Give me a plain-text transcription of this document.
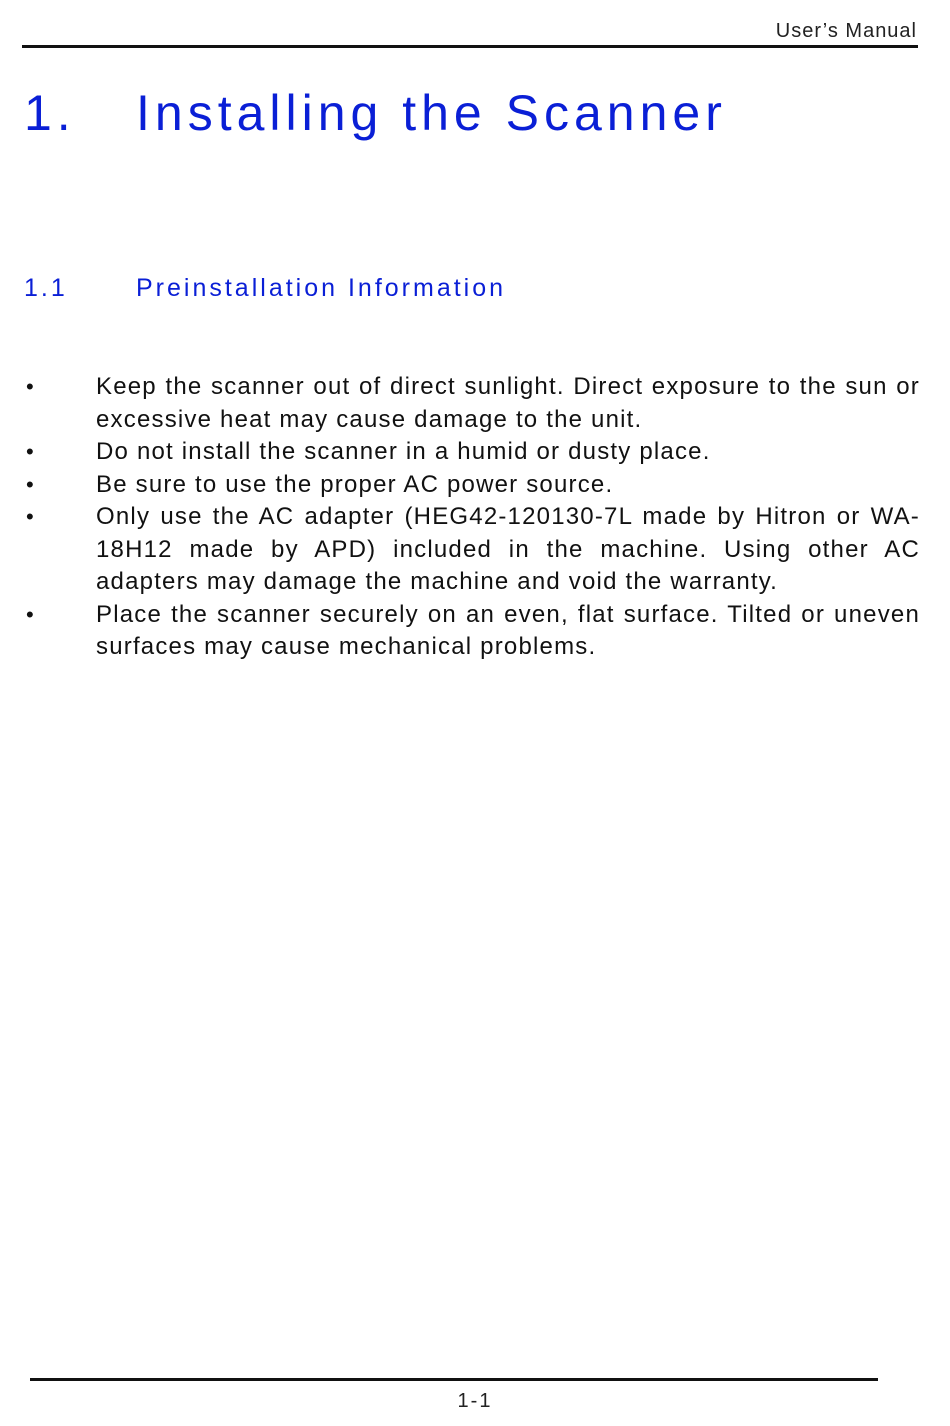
User’s Manual
1. Installing the Scanner
1.1	Preinstallation Information
•	Keep the scanner out of direct sunlight. Direct exposure to the sun or excessive heat may cause damage to the unit.
•	Do not install the scanner in a humid or dusty place.
•	Be sure to use the proper AC power source.
•	Only use the AC adapter (HEG42-120130-7L made by Hitron or WA-18H12 made by APD) included in the machine. Using other AC adapters may damage the machine and void the warranty.
•	Place the scanner securely on an even, flat surface. Tilted or uneven surfaces may cause mechanical problems.
1-1
